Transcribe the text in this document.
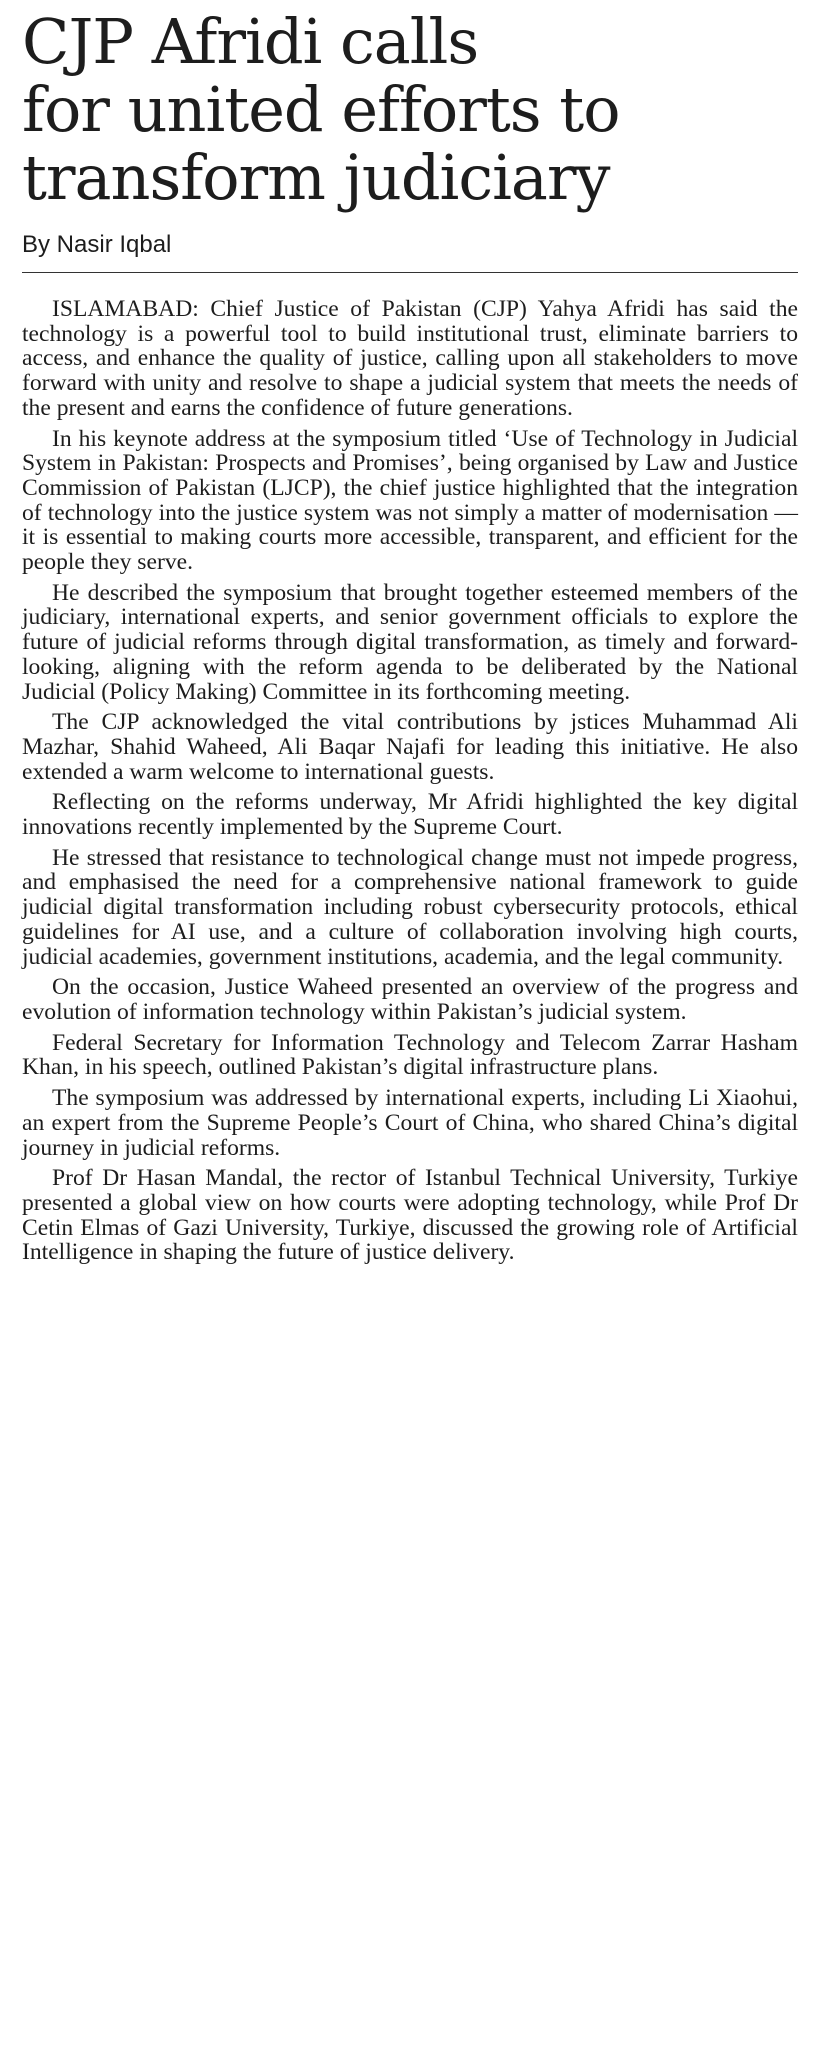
CJP Afridi calls
for united efforts to
transform judiciary
By Nasir Iqbal

ISLAMABAD: Chief Justice of Pakistan (CJP) Yahya Afridi has said the technology is a powerful tool to build institutional trust, eliminate barriers to access, and enhance the quality of justice, calling upon all stakeholders to move forward with unity and resolve to shape a judicial system that meets the needs of the present and earns the confidence of future generations.

In his keynote address at the symposium titled ‘Use of Technology in Judicial System in Pakistan: Prospects and Promises’, being organised by Law and Justice Commission of Pakistan (LJCP), the chief justice highlighted that the integration of technology into the justice system was not simply a matter of modernisation — it is essential to making courts more accessible, transparent, and efficient for the people they serve.

He described the symposium that brought together esteemed members of the judiciary, international experts, and senior government officials to explore the future of judicial reforms through digital transformation, as timely and forward-looking, aligning with the reform agenda to be deliberated by the National Judicial (Policy Making) Committee in its forthcoming meeting.

The CJP acknowledged the vital contributions by jstices Muhammad Ali Mazhar, Shahid Waheed, Ali Baqar Najafi for leading this initiative. He also extended a warm welcome to international guests.

Reflecting on the reforms underway, Mr Afridi highlighted the key digital innovations recently implemented by the Supreme Court.

He stressed that resistance to technological change must not impede progress, and emphasised the need for a comprehensive national framework to guide judicial digital transformation including robust cybersecurity protocols, ethical guidelines for AI use, and a culture of collaboration involving high courts, judicial academies, government institutions, academia, and the legal community.

On the occasion, Justice Waheed presented an overview of the progress and evolution of information technology within Pakistan’s judicial system.

Federal Secretary for Information Technology and Telecom Zarrar Hasham Khan, in his speech, outlined Pakistan’s digital infrastructure plans.

The symposium was addressed by international experts, including Li Xiaohui, an expert from the Supreme People’s Court of China, who shared China’s digital journey in judicial reforms.

Prof Dr Hasan Mandal, the rector of Istanbul Technical University, Turkiye presented a global view on how courts were adopting technology, while Prof Dr Cetin Elmas of Gazi University, Turkiye, discussed the growing role of Artificial Intelligence in shaping the future of justice delivery.
